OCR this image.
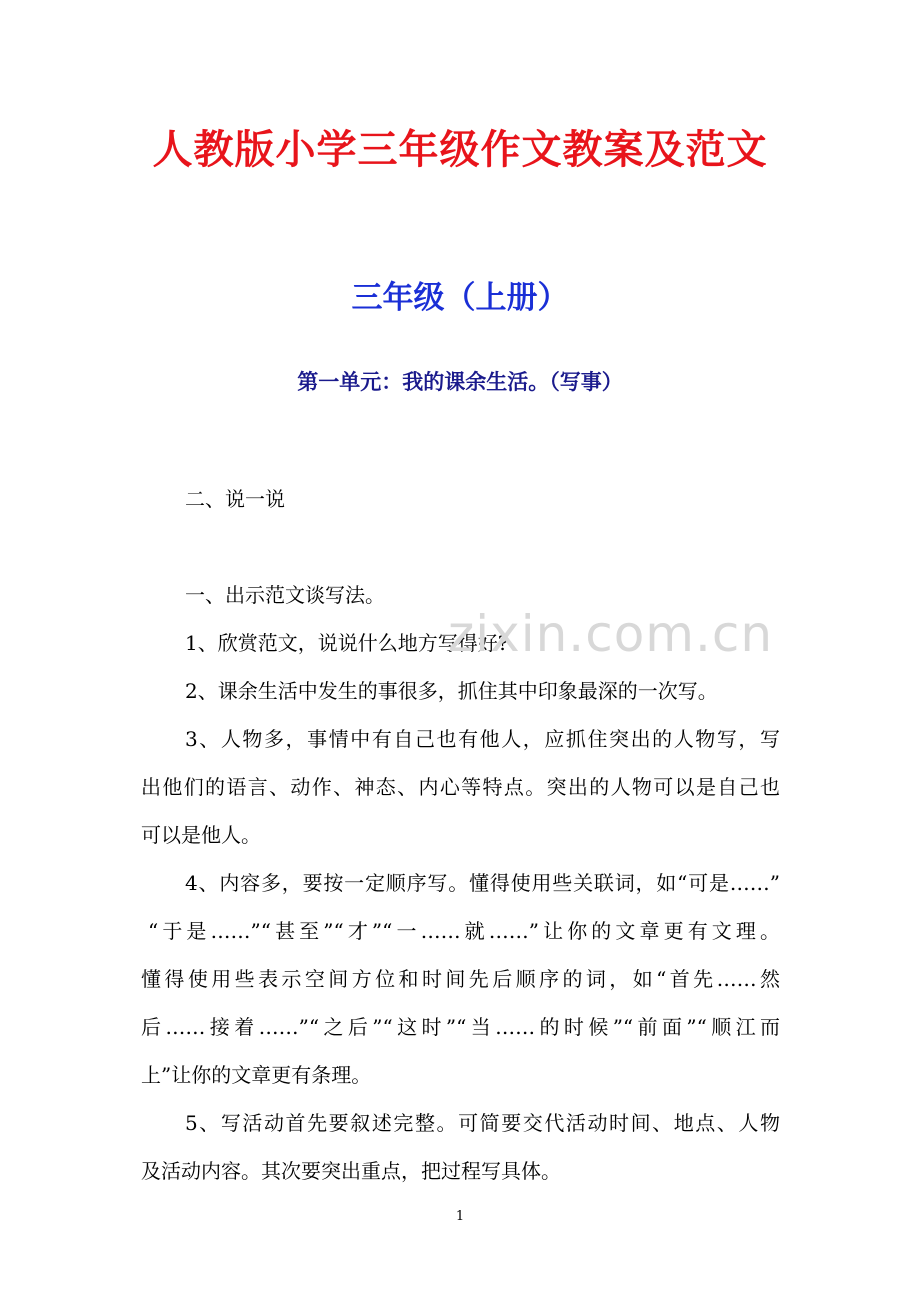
人教版小学三年级作文教案及范文
三年级（上册）
第一单元：我的课余生活。（写事）
二、说一说
一、出示范文谈写法。
1、欣赏范文，说说什么地方写得好?
2、课余生活中发生的事很多，抓住其中印象最深的一次写。
3、人物多，事情中有自己也有他人，应抓住突出的人物写，写
出他们的语言、动作、神态、内心等特点。突出的人物可以是自己也
可以是他人。
4、内容多，要按一定顺序写。懂得使用些关联词，如“可是……”
“于是……”“甚至”“才”“一……就……”让你的文章更有文理。
懂得使用些表示空间方位和时间先后顺序的词，如“首先……然
后……接着……”“之后”“这时”“当……的时候”“前面”“顺江而
上”让你的文章更有条理。
5、写活动首先要叙述完整。可简要交代活动时间、地点、人物
及活动内容。其次要突出重点，把过程写具体。
zixin.com.cn
1
